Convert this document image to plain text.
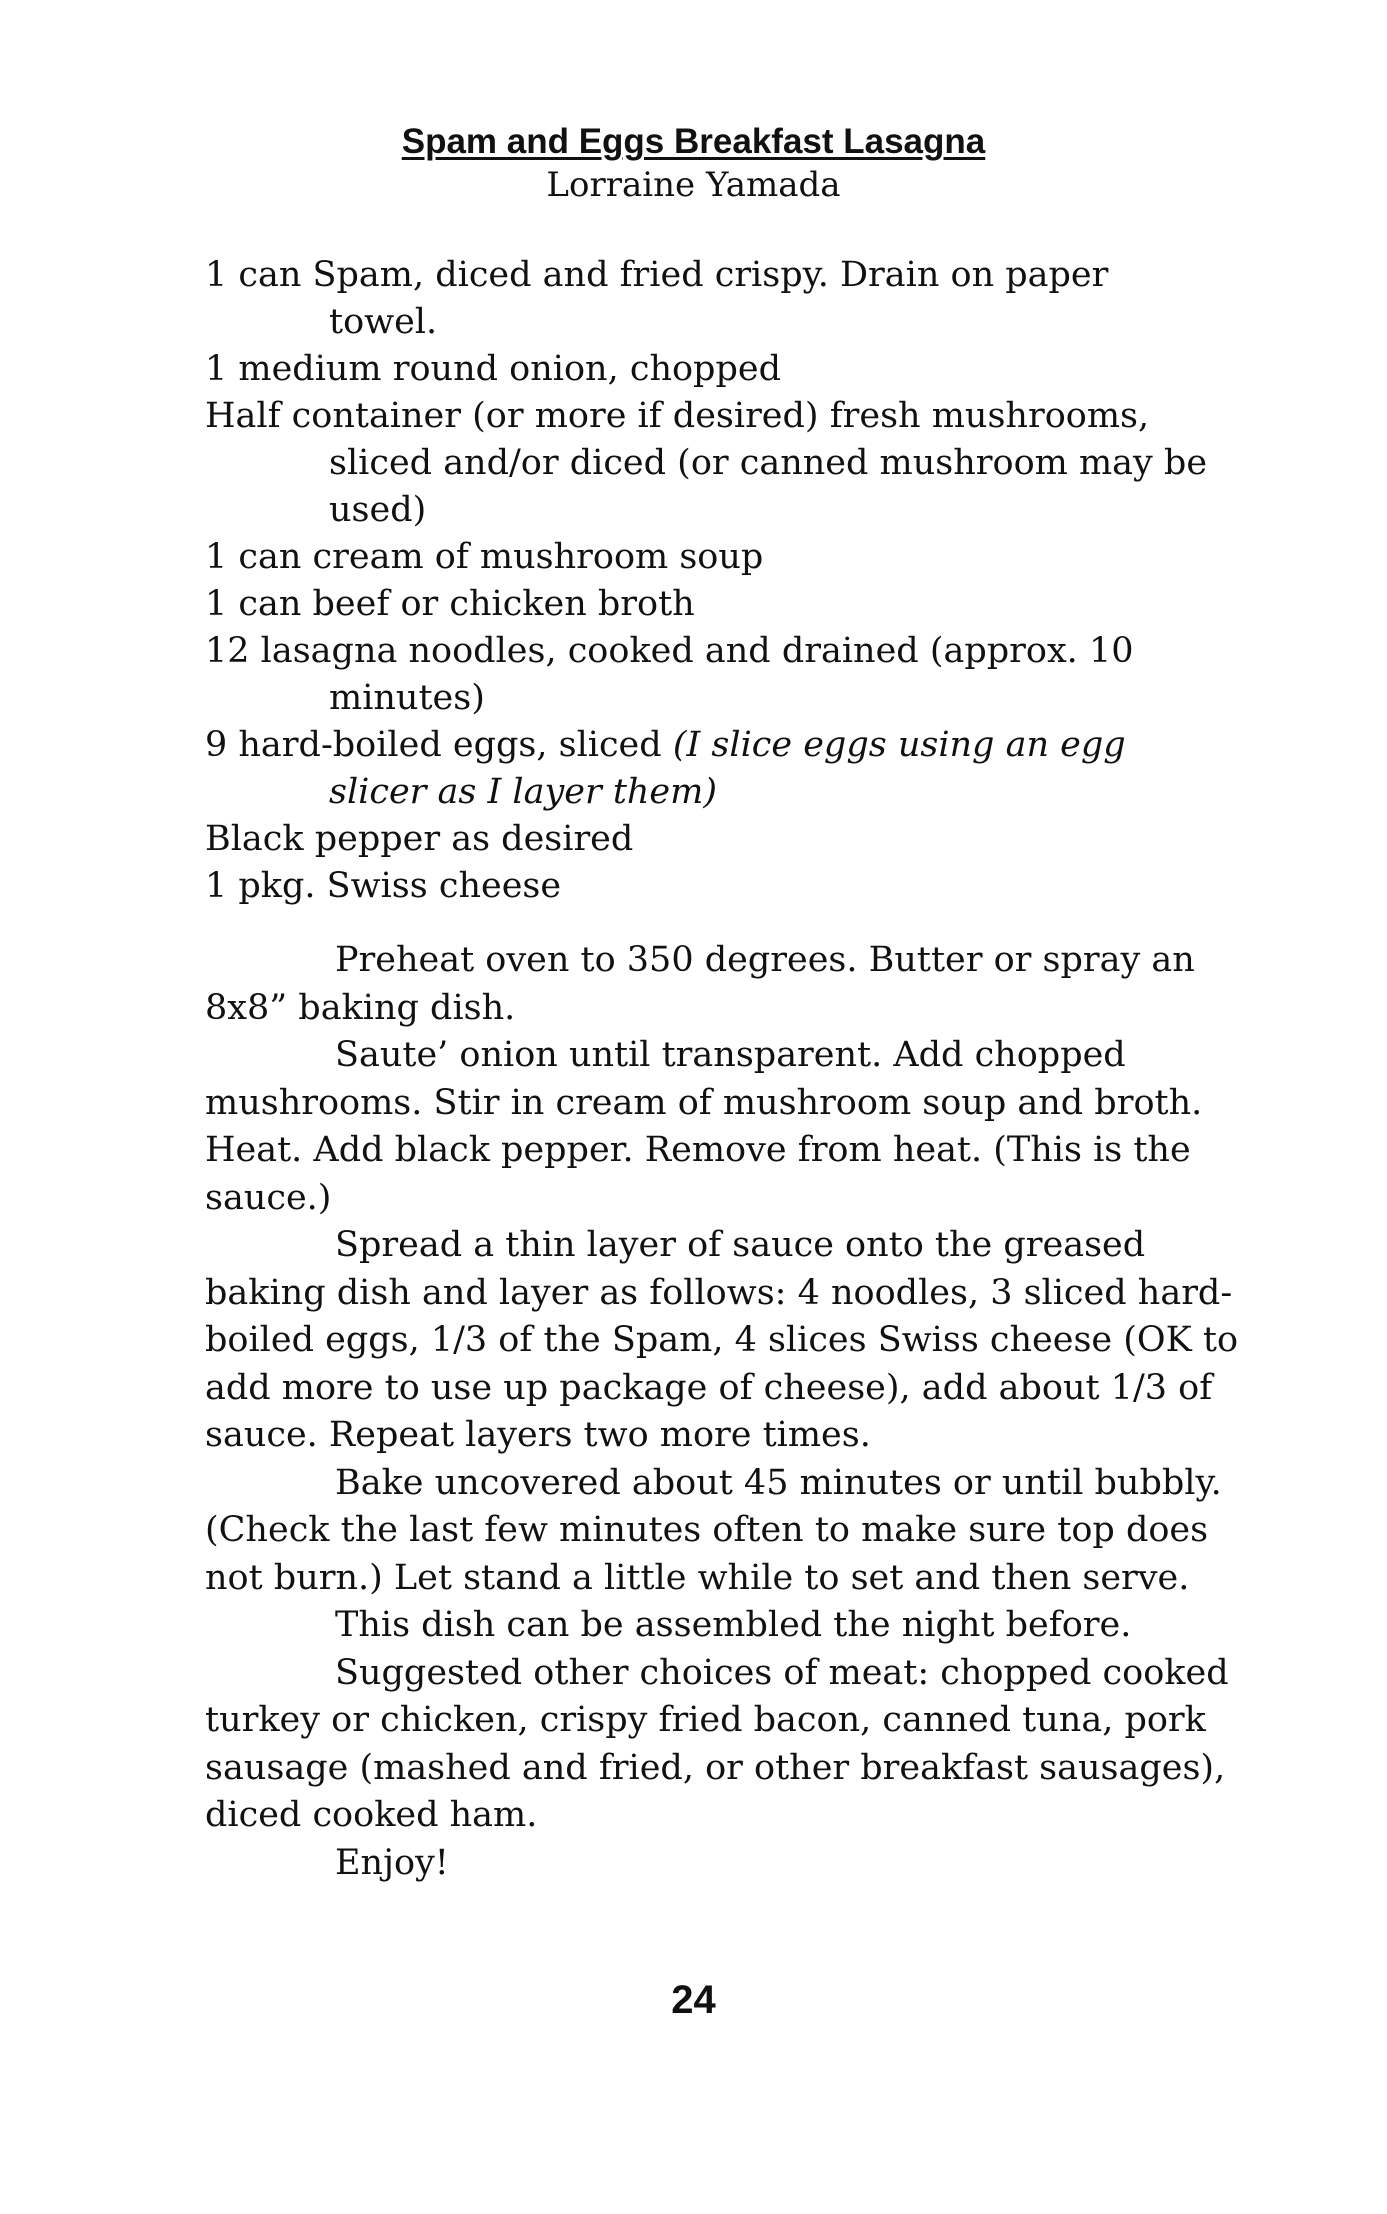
Spam and Eggs Breakfast Lasagna
Lorraine Yamada

1 can Spam, diced and fried crispy. Drain on paper towel.

1 medium round onion, chopped

Half container (or more if desired) fresh mushrooms, sliced and/or diced (or canned mushroom may be used)

1 can cream of mushroom soup

1 can beef or chicken broth

12 lasagna noodles, cooked and drained (approx. 10 minutes)

9 hard-boiled eggs, sliced (I slice eggs using an egg slicer as I layer them)

Black pepper as desired

1 pkg. Swiss cheese

Preheat oven to 350 degrees. Butter or spray an 8x8” baking dish.

Saute’ onion until transparent. Add chopped mushrooms. Stir in cream of mushroom soup and broth. Heat. Add black pepper. Remove from heat. (This is the sauce.)

Spread a thin layer of sauce onto the greased baking dish and layer as follows: 4 noodles, 3 sliced hard-boiled eggs, 1/3 of the Spam, 4 slices Swiss cheese (OK to add more to use up package of cheese), add about 1/3 of sauce. Repeat layers two more times.

Bake uncovered about 45 minutes or until bubbly. (Check the last few minutes often to make sure top does not burn.) Let stand a little while to set and then serve.

This dish can be assembled the night before.

Suggested other choices of meat: chopped cooked turkey or chicken, crispy fried bacon, canned tuna, pork sausage (mashed and fried, or other breakfast sausages), diced cooked ham.

Enjoy!

24
